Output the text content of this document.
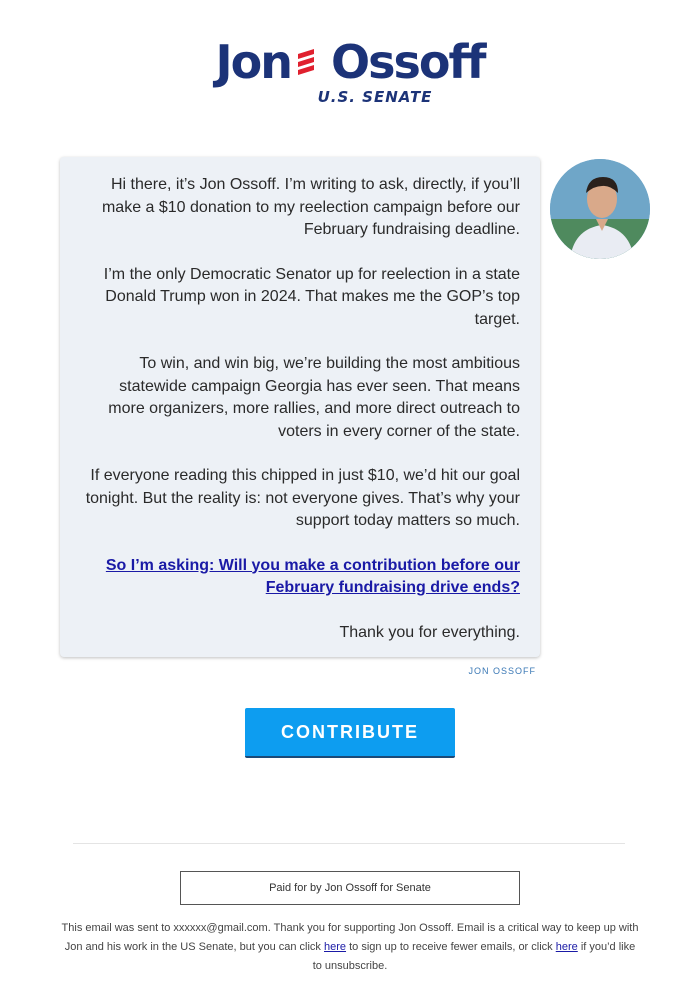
Jon Ossoff
U.S. SENATE

Hi there, it’s Jon Ossoff. I’m writing to ask, directly, if you’ll make a $10 donation to my reelection campaign before our February fundraising deadline.

I’m the only Democratic Senator up for reelection in a state Donald Trump won in 2024. That makes me the GOP’s top target.

To win, and win big, we’re building the most ambitious statewide campaign Georgia has ever seen. That means more organizers, more rallies, and more direct outreach to voters in every corner of the state.

If everyone reading this chipped in just $10, we’d hit our goal tonight. But the reality is: not everyone gives. That’s why your support today matters so much.

So I’m asking: Will you make a contribution before our February fundraising drive ends?

Thank you for everything.

JON OSSOFF
CONTRIBUTE
Paid for by Jon Ossoff for Senate
This email was sent to xxxxxx@gmail.com. Thank you for supporting Jon Ossoff. Email is a critical way to keep up with Jon and his work in the US Senate, but you can click here to sign up to receive fewer emails, or click here if you’d like to unsubscribe.
